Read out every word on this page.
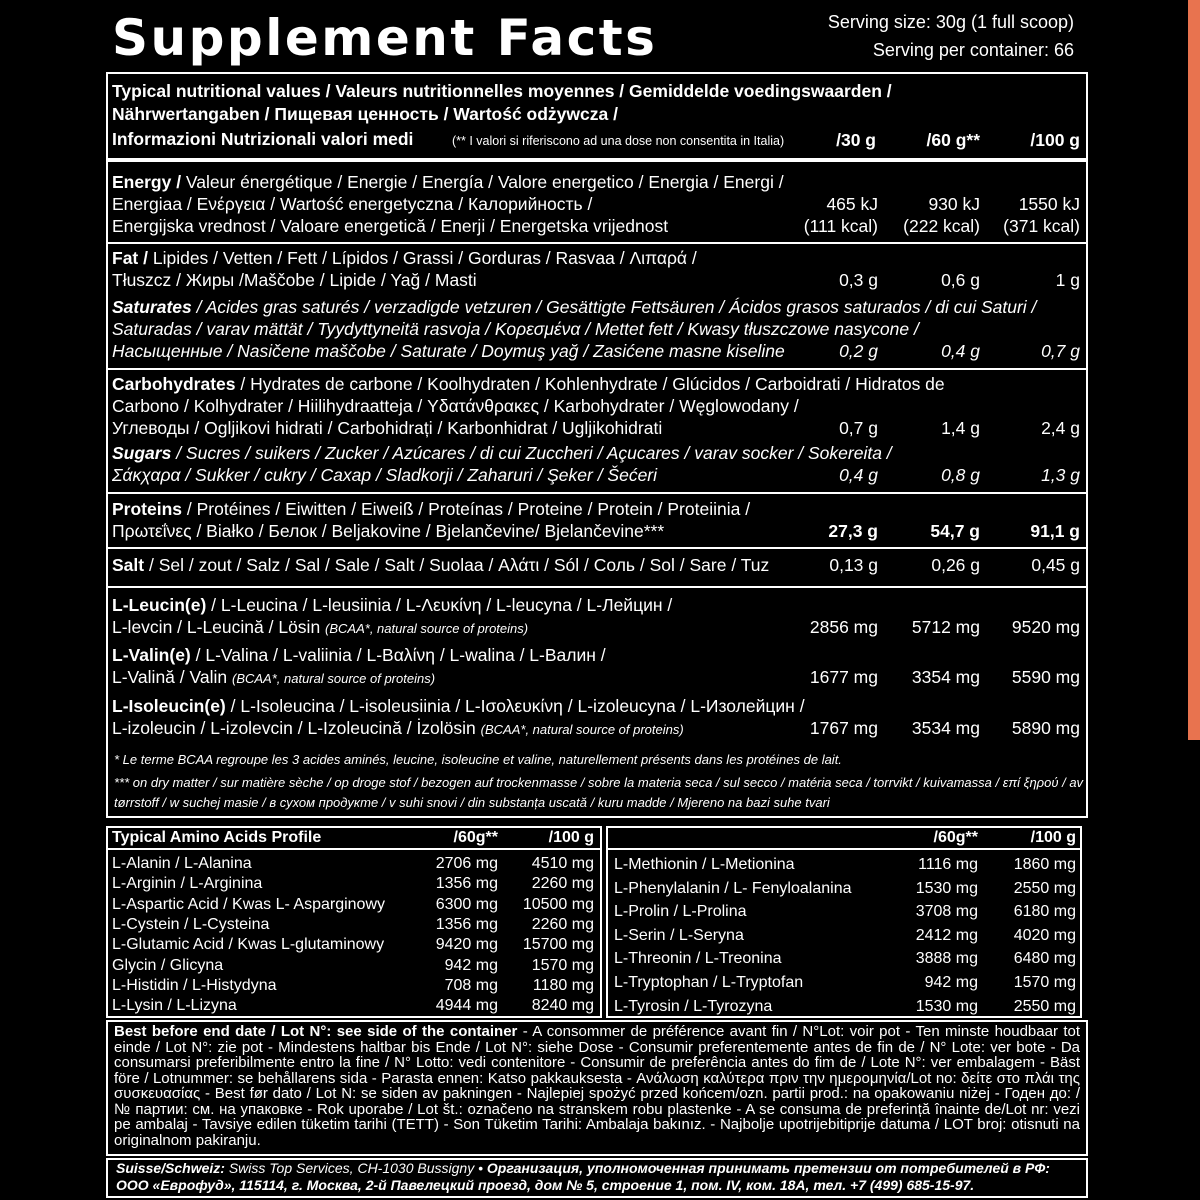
Supplement Facts	Serving size: 30g (1 full scoop)
Serving per container: 66
Typical nutritional values / Valeurs nutritionnelles moyennes / Gemiddelde voedingswaarden /
Nährwertangaben / Пищевая ценность / Wartość odżywcza /
Informazioni Nutrizionali valori medi	(** I valori si riferiscono ad una dose non consentita in Italia)	/30 g	/60 g**	/100 g
Energy / Valeur énergétique / Energie / Energía / Valore energetico / Energia / Energi /
Energiaa / Ενέργεια / Wartość energetyczna / Калорийность /
Energijska vrednost / Valoare energetică / Enerji / Energetska vrijednost
465 kJ	930 kJ	1550 kJ
(111 kcal)	(222 kcal)	(371 kcal)
Fat / Lipides / Vetten / Fett / Lípidos / Grassi / Gorduras / Rasvaa / Λιπαρά /
Tłuszcz / Жиры /Maščobe / Lipide / Yağ / Masti	0,3 g	0,6 g	1 g
Saturates / Acides gras saturés / verzadigde vetzuren / Gesättigte Fettsäuren / Ácidos grasos saturados / di cui Saturi /
Saturadas / varav mättät / Tyydyttyneitä rasvoja / Κορεσμένα / Mettet fett / Kwasy tłuszczowe nasycone /
Насыщенные / Nasičene maščobe / Saturate / Doymuş yağ / Zasićene masne kiseline	0,2 g	0,4 g	0,7 g
Carbohydrates / Hydrates de carbone / Koolhydraten / Kohlenhydrate / Glúcidos / Carboidrati / Hidratos de
Carbono / Kolhydrater / Hiilihydraatteja / Υδατάνθρακες / Karbohydrater / Węglowodany /
Углеводы / Ogljikovi hidrati / Carbohidrați / Karbonhidrat / Ugljikohidrati	0,7 g	1,4 g	2,4 g
Sugars / Sucres / suikers / Zucker / Azúcares / di cui Zuccheri / Açucares / varav socker / Sokereita /
Σάκχαρα / Sukker / cukry / Caxap / Sladkorji / Zaharuri / Şeker / Šećeri	0,4 g	0,8 g	1,3 g
Proteins / Protéines / Eiwitten / Eiweiß / Proteínas / Proteine / Protein / Proteiinia /
Πρωτεΐνες / Białko / Белок / Beljakovine / Bjelančevine/ Bjelančevine***	27,3 g	54,7 g	91,1 g
Salt / Sel / zout / Salz / Sal / Sale / Salt / Suolaa / Αλάτι / Sól / Соль / Sol / Sare / Tuz	0,13 g	0,26 g	0,45 g
L-Leucin(e) / L-Leucina / L-leusiinia / L-Λευκίνη / L-leucyna / L-Лейцин /
L-levcin / L-Leucină / Lösin (BCAA*, natural source of proteins)	2856 mg	5712 mg	9520 mg
L-Valin(e) / L-Valina / L-valiinia / L-Βαλίνη / L-walina / L-Валин /
L-Valină / Valin (BCAA*, natural source of proteins)	1677 mg	3354 mg	5590 mg
L-Isoleucin(e) / L-Isoleucina / L-isoleusiinia / L-Ισολευκίνη / L-izoleucyna / L-Изолейцин /
L-izoleucin / L-izolevcin / L-Izoleucină / İzolösin (BCAA*, natural source of proteins)	1767 mg	3534 mg	5890 mg
* Le terme BCAA regroupe les 3 acides aminés, leucine, isoleucine et valine, naturellement présents dans les protéines de lait.
*** on dry matter / sur matière sèche / op droge stof / bezogen auf trockenmasse / sobre la materia seca / sul secco / matéria seca / torrvikt / kuivamassa / επί ξηρού / av
tørrstoff / w suchej masie / в сухом продукте / v suhi snovi / din substanța uscată / kuru madde / Mjereno na bazi suhe tvari
Typical Amino Acids Profile	/60g**	/100 g
L-Alanin / L-Alanina	2706 mg	4510 mg
L-Arginin / L-Arginina	1356 mg	2260 mg
L-Aspartic Acid / Kwas L- Asparginowy	6300 mg	10500 mg
L-Cystein / L-Cysteina	1356 mg	2260 mg
L-Glutamic Acid / Kwas L-glutaminowy	9420 mg	15700 mg
Glycin / Glicyna	942 mg	1570 mg
L-Histidin / L-Histydyna	708 mg	1180 mg
L-Lysin / L-Lizyna	4944 mg	8240 mg
/60g**	/100 g
L-Methionin / L-Metionina	1116 mg	1860 mg
L-Phenylalanin / L- Fenyloalanina	1530 mg	2550 mg
L-Prolin / L-Prolina	3708 mg	6180 mg
L-Serin / L-Seryna	2412 mg	4020 mg
L-Threonin / L-Treonina	3888 mg	6480 mg
L-Tryptophan / L-Tryptofan	942 mg	1570 mg
L-Tyrosin / L-Tyrozyna	1530 mg	2550 mg
Best before end date / Lot N°: see side of the container - A consommer de préférence avant fin / N°Lot: voir pot - Ten minste houdbaar tot einde / Lot N°: zie pot - Mindestens haltbar bis Ende / Lot N°: siehe Dose - Consumir preferentemente antes de fin de / N° Lote: ver bote - Da consumarsi preferibilmente entro la fine / N° Lotto: vedi contenitore - Consumir de preferência antes do fim de / Lote N°: ver embalagem - Bäst före / Lotnummer: se behållarens sida - Parasta ennen: Katso pakkauksesta - Ανάλωση καλύτερα πριν την ημερομηνία/Lot no: δείτε στο πλάι της συσκευασίας - Best før dato / Lot N: se siden av pakningen - Najlepiej spożyć przed końcem/ozn. partii prod.: na opakowaniu niżej - Годен до: / № партии: см. на упаковке - Rok uporabe / Lot št.: označeno na stranskem robu plastenke - A se consuma de preferință înainte de/Lot nr: vezi pe ambalaj - Tavsiye edilen tüketim tarihi (TETT) - Son Tüketim Tarihi: Ambalaja bakınız. - Najbolje upotrijebitiprije datuma / LOT broj: otisnuti na originalnom pakiranju.
Suisse/Schweiz: Swiss Top Services, CH-1030 Bussigny • Организация, уполномоченная принимать претензии от потребителей в РФ:
ООО «Еврофуд», 115114, г. Москва, 2-й Павелецкий проезд, дом № 5, строение 1, пом. IV, ком. 18А, тел. +7 (499) 685-15-97.
